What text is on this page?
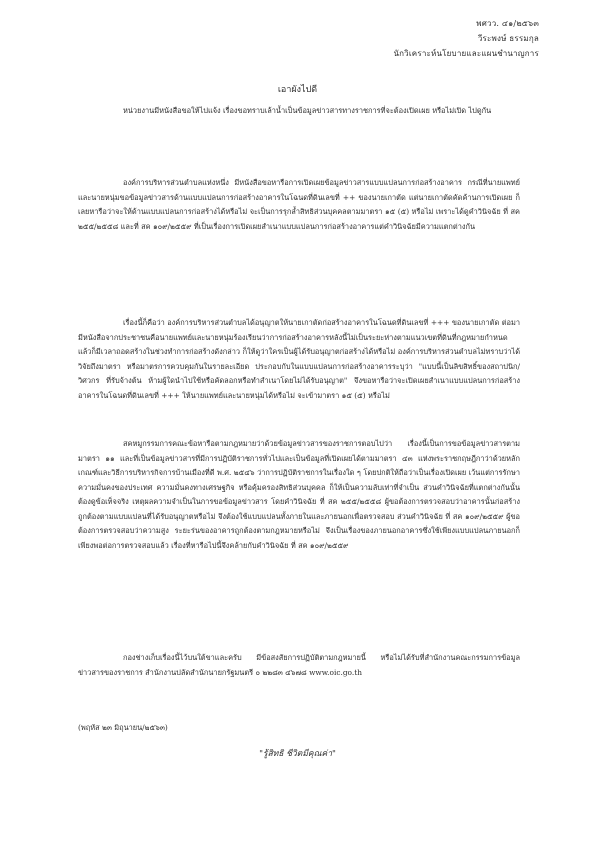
พศวว. ๔๑/๒๕๖๓
วีระพงษ์ ธรรมกุล
นักวิเคราะห์นโยบายและแผนชำนาญการ
เอาผังไปดี

หน่วยงานมีหนังสือขอให้ไปแจ้ง เรื่องขอทราบเล้าน้ำเป็นข้อมูลข่าวสารทางราชการที่จะต้องเปิดเผย หรือไม่เปิด ไปดูกัน

องค์การบริหารส่วนตำบลแห่งหนึ่ง มีหนังสือขอหารือการเปิดเผยข้อมูลข่าวสารแบบแปลนการก่อสร้างอาคาร กรณีที่นายแพทย์ และนายหนุ่มขอข้อมูลข่าวสารด้านแบบแปลนการก่อสร้างอาคารในโฉนดที่ดินเลขที่ ++ ของนายเกาตัด แต่นายเกาตัดคัดค้านการเปิดเผย ก็เลยหารือว่าจะให้ด้านแบบแปลนการก่อสร้างได้หรือไม่ จะเป็นการรุกล้ำสิทธิส่วนบุคคลตามมาตรา ๑๕ (๕) หรือไม่ เพราะได้ดูคำวินิจฉัย ที่ สค ๒๕๕/๒๕๕๘ และที่ สค ๑๐๙/๒๕๕๙ ที่เป็นเรื่องการเปิดเผยสำเนาแบบแปลนการก่อสร้างอาคารแต่คำวินิจฉัยมีความแตกต่างกัน

เรื่องนี้ก็คือว่า องค์การบริหารส่วนตำบลได้อนุญาตให้นายเกาตัดก่อสร้างอาคารในโฉนดที่ดินเลขที่ +++ ของนายเกาตัด ต่อมามีหนังสือจากประชาชนคือนายแพทย์และนายหนุ่มร้องเรียนว่าการก่อสร้างอาคารหลังนี้ไม่เป็นระยะห่างตามแนวเขตที่ดินที่กฎหมายกำหนด แล้วก็มีเวลาถอดสร้างในช่วงทำการก่อสร้างดังกล่าว ก็ให้ดูว่าใครเป็นผู้ได้รับอนุญาตก่อสร้างได้หรือไม่ องค์การบริหารส่วนตำบลไม่ทราบว่าได้วิจัยถึงมาตรา หรือมาตรการควบคุมกันในรายละเอียด ประกอบกับในแบบแปลนการก่อสร้างอาคารระบุว่า "แบบนี้เป็นลิขสิทธิ์ของสถาปนิก/วิศวกร ที่รับจ้างต้น ห้ามผู้ใดนำไปใช้หรือคัดลอกหรือทำสำเนาโดยไม่ได้รับอนุญาต" จึงขอหารือว่าจะเปิดเผยสำเนาแบบแปลนการก่อสร้างอาคารในโฉนดที่ดินเลขที่ +++ ให้นายแพทย์และนายหนุ่มได้หรือไม่ จะเข้ามาตรา ๑๕ (๕) หรือไม่

สคหมูกรรมการคณะข้อหารือตามกฎหมายว่าด้วยข้อมูลข่าวสารของราชการตอบไปว่า เรื่องนี้เป็นการขอข้อมูลข่าวสารตามมาตรา ๑๑ และที่เป็นข้อมูลข่าวสารที่มีการปฏิบัติราชการทั่วไปและเป็นข้อมูลที่เปิดเผยได้ตามมาตรา ๔๓ แห่งพระราชกฤษฎีกาว่าด้วยหลักเกณฑ์และวิธีการบริหารกิจการบ้านเมืองที่ดี พ.ศ. ๒๕๔๖ ว่าการปฏิบัติราชการในเรื่องใด ๆ โดยปกติให้ถือว่าเป็นเรื่องเปิดเผย เว้นแต่การรักษาความมั่นคงของประเทศ ความมั่นคงทางเศรษฐกิจ หรือคุ้มครองสิทธิส่วนบุคคล ก็ให้เป็นความลับเท่าที่จำเป็น ส่วนคำวินิจฉัยที่แตกต่างกันนั้น ต้องดูข้อเท็จจริง เหตุผลความจำเป็นในการขอข้อมูลข่าวสาร โดยคำวินิจฉัย ที่ สค ๒๕๕/๒๕๕๘ ผู้ขอต้องการตรวจสอบว่าอาคารนั้นก่อสร้างถูกต้องตามแบบแปลนที่ได้รับอนุญาตหรือไม่ จึงต้องใช้แบบแปลนทั้งภายในและภายนอกเพื่อตรวจสอบ ส่วนคำวินิจฉัย ที่ สค ๑๐๙/๒๕๕๙ ผู้ขอต้องการตรวจสอบว่าความสูง ระยะร่นของอาคารถูกต้องตามกฎหมายหรือไม่ จึงเป็นเรื่องของภายนอกอาคารซึ่งใช้เพียงแบบแปลนภายนอกก็เพียงพอต่อการตรวจสอบแล้ว เรื่องที่หารือไปนี้จึงคล้ายกับคำวินิจฉัย ที่ สค ๑๐๙/๒๕๕๙

กองช่างเก็บเรื่องนี้ไว้บนใต้ขาและครับ มีข้อสงสัยการปฏิบัติตามกฎหมายนี้ หรือไม่ได้รับที่สำนักงานคณะกรรมการข้อมูลข่าวสารของราชการ สำนักงานปลัดสำนักนายกรัฐมนตรี ๐ ๒๒๘๓ ๔๖๗๘ www.oic.go.th

(พฤหัส ๒๓ มิถุนายน/๒๕๖๓)
"รู้สิทธิ ชีวิตมีคุณค่า"
